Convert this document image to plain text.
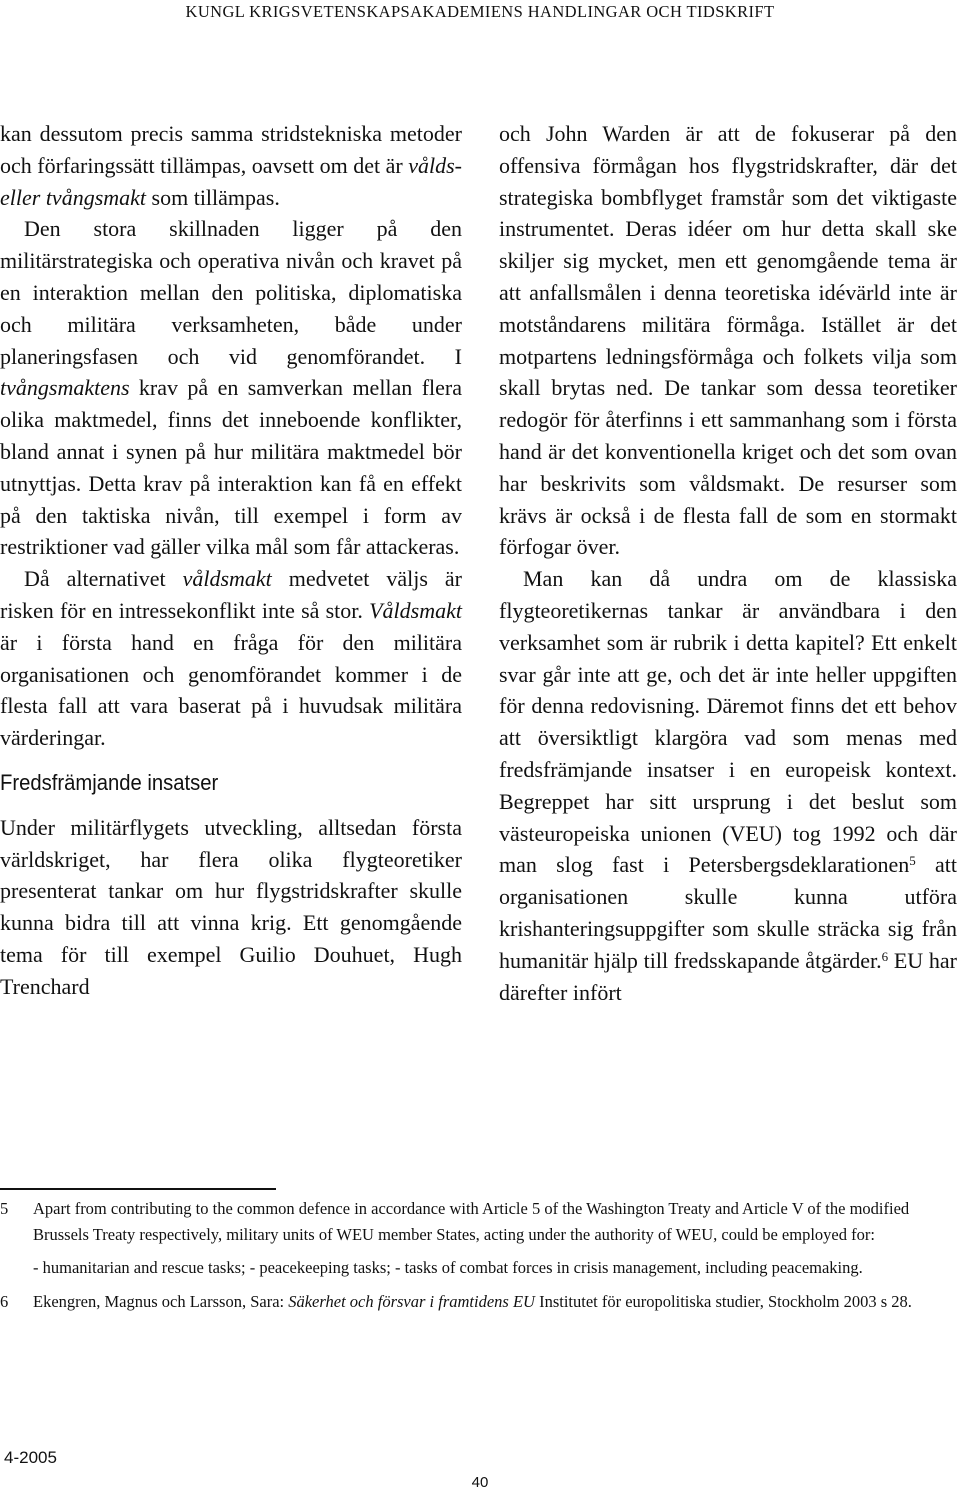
KUNGL KRIGSVETENSKAPSAKADEMIENS HANDLINGAR OCH TIDSKRIFT

kan dessutom precis samma stridstekniska metoder och förfaringssätt tillämpas, oavsett om det är vålds- eller tvångsmakt som tillämpas.

Den stora skillnaden ligger på den militärstrategiska och operativa nivån och kravet på en interaktion mellan den politiska, diplomatiska och militära verksamheten, både under planeringsfasen och vid genomförandet. I tvångsmaktens krav på en samverkan mellan flera olika maktmedel, finns det inneboende konflikter, bland annat i synen på hur militära maktmedel bör utnyttjas. Detta krav på interaktion kan få en effekt på den taktiska nivån, till exempel i form av restriktioner vad gäller vilka mål som får attackeras.

Då alternativet våldsmakt medvetet väljs är risken för en intressekonflikt inte så stor. Våldsmakt är i första hand en fråga för den militära organisationen och genomförandet kommer i de flesta fall att vara baserat på i huvudsak militära värderingar.

Fredsfrämjande insatser

Under militärflygets utveckling, alltsedan första världskriget, har flera olika flygteoretiker presenterat tankar om hur flygstridskrafter skulle kunna bidra till att vinna krig. Ett genomgående tema för till exempel Guilio Douhuet, Hugh Trenchard

och John Warden är att de fokuserar på den offensiva förmågan hos flygstridskrafter, där det strategiska bombflyget framstår som det viktigaste instrumentet. Deras idéer om hur detta skall ske skiljer sig mycket, men ett genomgående tema är att anfallsmålen i denna teoretiska idévärld inte är motståndarens militära förmåga. Istället är det motpartens ledningsförmåga och folkets vilja som skall brytas ned. De tankar som dessa teoretiker redogör för återfinns i ett sammanhang som i första hand är det konventionella kriget och det som ovan har beskrivits som våldsmakt. De resurser som krävs är också i de flesta fall de som en stormakt förfogar över.

Man kan då undra om de klassiska flygteoretikernas tankar är användbara i den verksamhet som är rubrik i detta kapitel? Ett enkelt svar går inte att ge, och det är inte heller uppgiften för denna redovisning. Däremot finns det ett behov att översiktligt klargöra vad som menas med fredsfrämjande insatser i en europeisk kontext. Begreppet har sitt ursprung i det beslut som västeuropeiska unionen (VEU) tog 1992 och där man slog fast i Petersbergsdeklarationen$^5$ att organisationen skulle kunna utföra krishanteringsuppgifter som skulle sträcka sig från humanitär hjälp till fredsskapande åtgärder.$^6$ EU har därefter infört

5 Apart from contributing to the common defence in accordance with Article 5 of the Washington Treaty and Article V of the modified Brussels Treaty respectively, military units of WEU member States, acting under the authority of WEU, could be employed for:
- humanitarian and rescue tasks; - peacekeeping tasks; - tasks of combat forces in crisis management, including peacemaking.
6 Ekengren, Magnus och Larsson, Sara: Säkerhet och försvar i framtidens EU Institutet för europolitiska studier, Stockholm 2003 s 28.
4-2005
40
